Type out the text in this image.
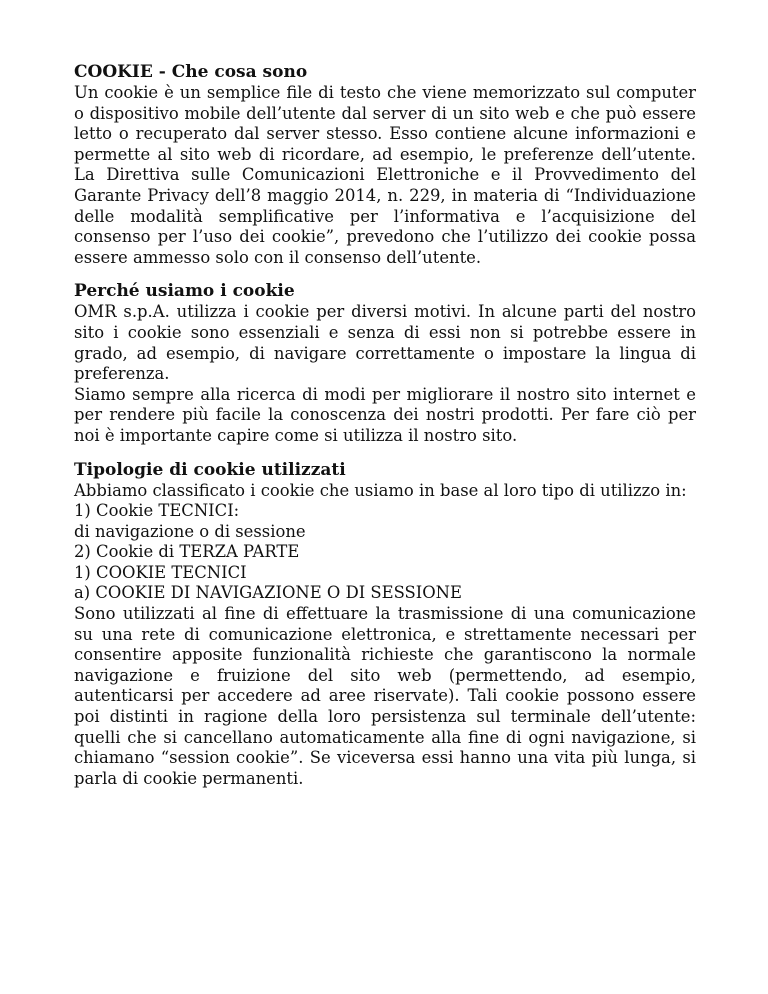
COOKIE - Che cosa sono

Un cookie è un semplice file di testo che viene memorizzato sul computer o dispositivo mobile dell’utente dal server di un sito web e che può essere letto o recuperato dal server stesso. Esso contiene alcune informazioni e permette al sito web di ricordare, ad esempio, le preferenze dell’utente. La Direttiva sulle Comunicazioni Elettroniche e il Provvedimento del Garante Privacy dell’8 maggio 2014, n. 229, in materia di “Individuazione delle modalità semplificative per l’informativa e l’acquisizione del consenso per l’uso dei cookie”, prevedono che l’utilizzo dei cookie possa essere ammesso solo con il consenso dell’utente.

Perché usiamo i cookie

OMR s.p.A. utilizza i cookie per diversi motivi. In alcune parti del nostro sito i cookie sono essenziali e senza di essi non si potrebbe essere in grado, ad esempio, di navigare correttamente o impostare la lingua di preferenza.

Siamo sempre alla ricerca di modi per migliorare il nostro sito internet e per rendere più facile la conoscenza dei nostri prodotti. Per fare ciò per noi è importante capire come si utilizza il nostro sito.

Tipologie di cookie utilizzati

Abbiamo classificato i cookie che usiamo in base al loro tipo di utilizzo in:

1) Cookie TECNICI:

di navigazione o di sessione

2) Cookie di TERZA PARTE

1) COOKIE TECNICI

a) COOKIE DI NAVIGAZIONE O DI SESSIONE

Sono utilizzati al fine di effettuare la trasmissione di una comunicazione su una rete di comunicazione elettronica, e strettamente necessari per consentire apposite funzionalità richieste che garantiscono la normale navigazione e fruizione del sito web (permettendo, ad esempio, autenticarsi per accedere ad aree riservate). Tali cookie possono essere poi distinti in ragione della loro persistenza sul terminale dell’utente: quelli che si cancellano automaticamente alla fine di ogni navigazione, si chiamano “session cookie”. Se viceversa essi hanno una vita più lunga, si parla di cookie permanenti.
